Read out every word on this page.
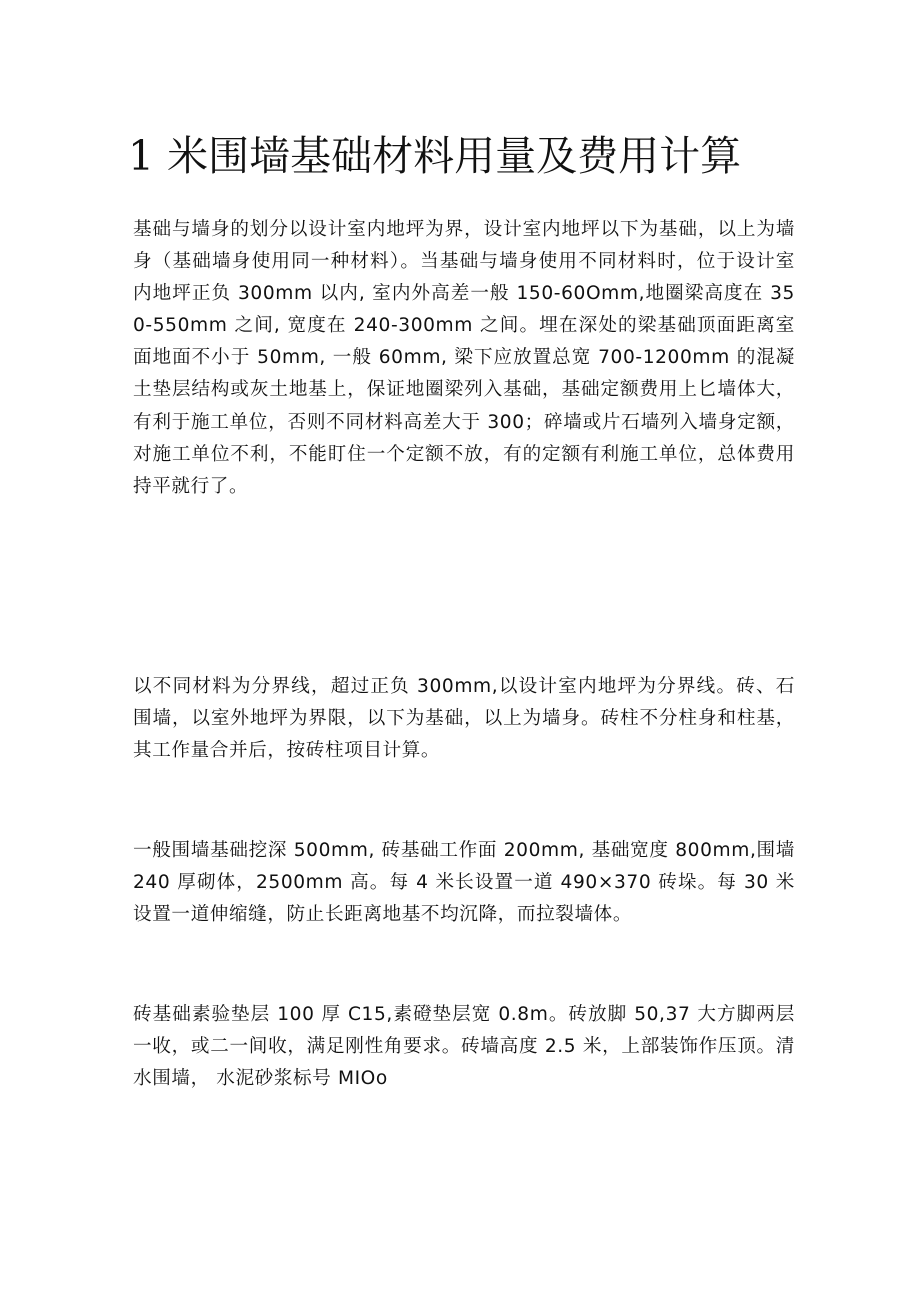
1 米围墙基础材料用量及费用计算

基础与墙身的划分以设计室内地坪为界，设计室内地坪以下为基础，以上为墙身（基础墙身使用同一种材料）。当基础与墙身使用不同材料时，位于设计室内地坪正负 300mm 以内, 室内外高差一般 150-60Omm,地圈梁高度在 350-550mm 之间, 宽度在 240-300mm 之间。埋在深处的梁基础顶面距离室面地面不小于 50mm, 一般 60mm, 梁下应放置总宽 700-1200mm 的混凝土垫层结构或灰土地基上，保证地圈梁列入基础，基础定额费用上匕墙体大，有利于施工单位，否则不同材料高差大于 300；碎墙或片石墙列入墙身定额，对施工单位不利，不能盯住一个定额不放，有的定额有利施工单位，总体费用持平就行了。

以不同材料为分界线，超过正负 300mm,以设计室内地坪为分界线。砖、石围墙，以室外地坪为界限，以下为基础，以上为墙身。砖柱不分柱身和柱基，其工作量合并后，按砖柱项目计算。

一般围墙基础挖深 500mm, 砖基础工作面 200mm, 基础宽度 800mm,围墙 240 厚砌体，2500mm 高。每 4 米长设置一道 490×370 砖垛。每 30 米设置一道伸缩缝，防止长距离地基不均沉降，而拉裂墙体。

砖基础素验垫层 100 厚 C15,素磴垫层宽 0.8m。砖放脚 50,37 大方脚两层一收，或二一间收，满足刚性角要求。砖墙高度 2.5 米，上部装饰作压顶。清水围墙， 水泥砂浆标号 MIOo
